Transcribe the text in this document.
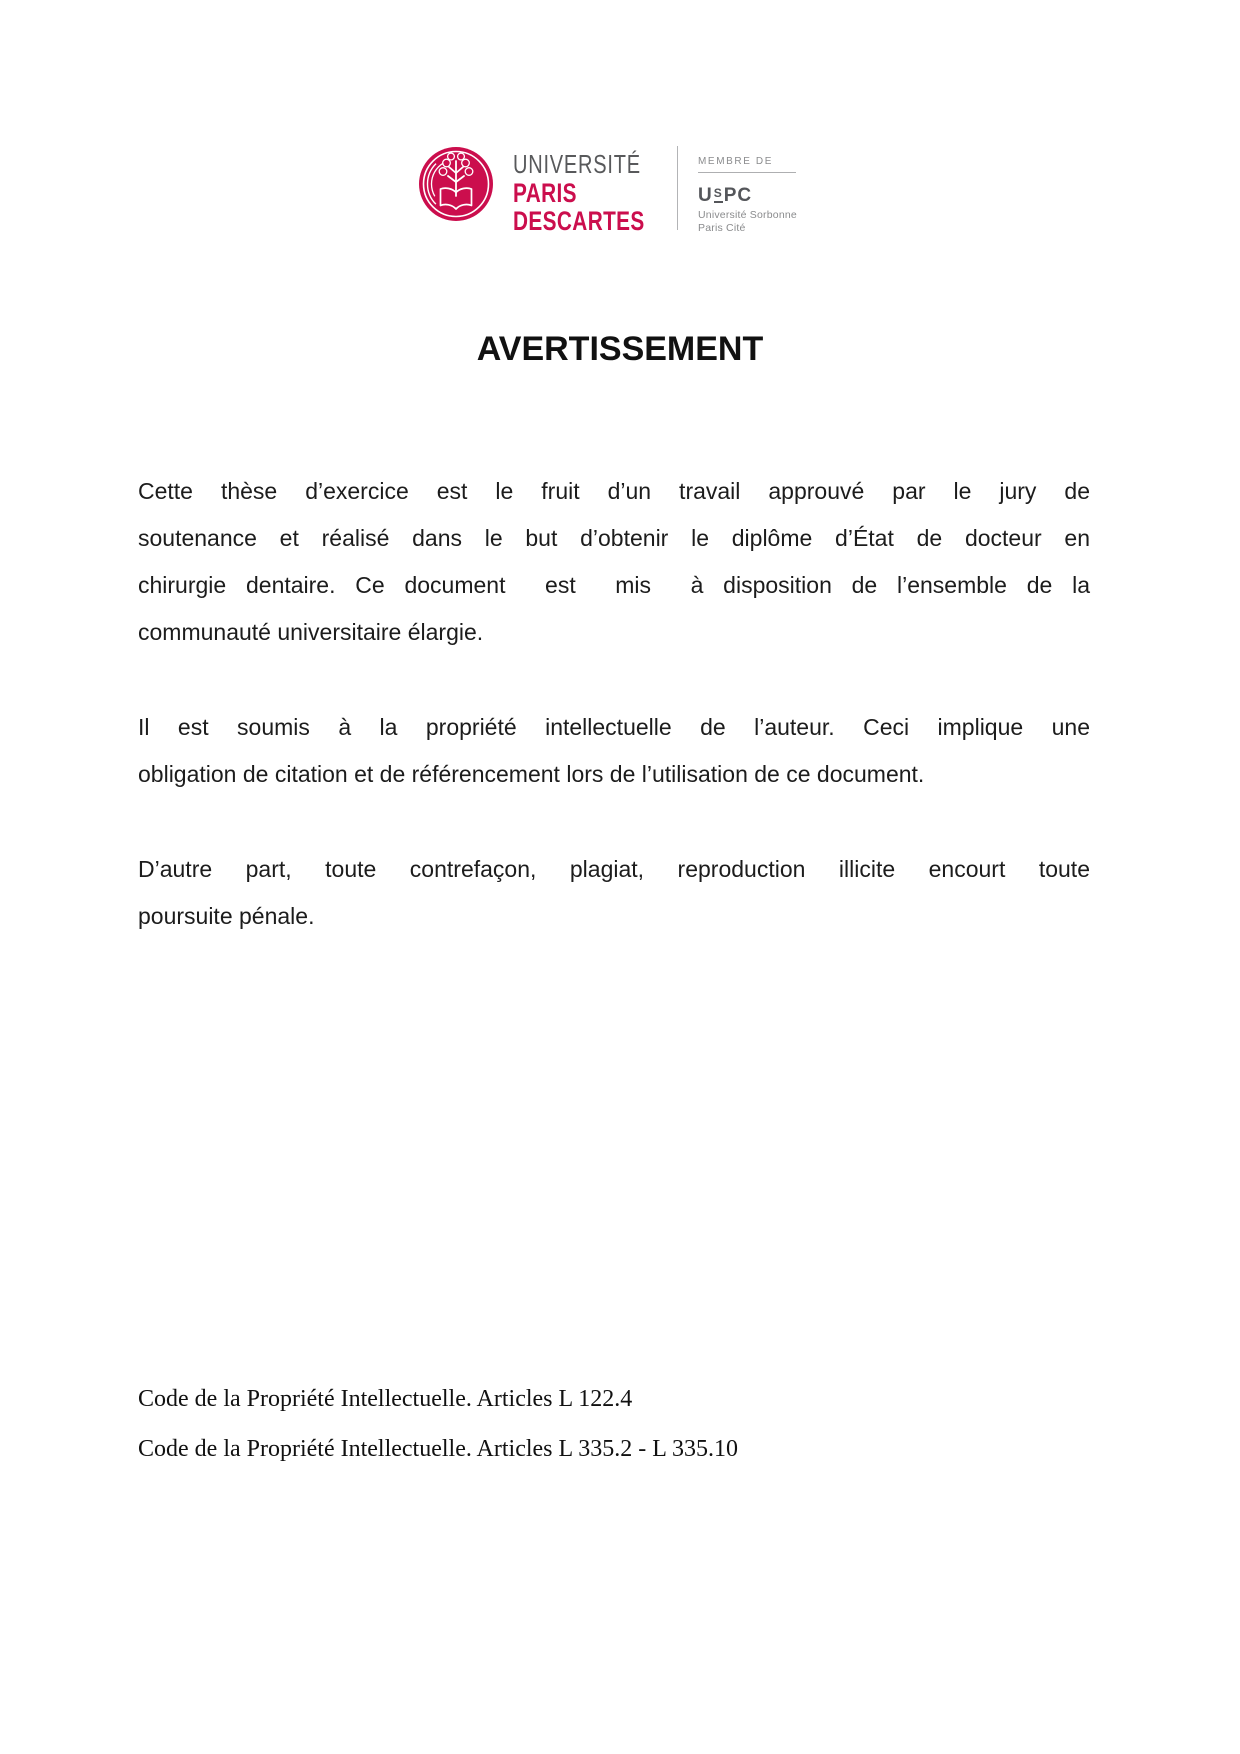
UNIVERSITÉ
PARIS
DESCARTES
MEMBRE DE
U S PC
Université Sorbonne
Paris Cité
AVERTISSEMENT
Cette thèse d’exercice est le fruit d’un travail approuvé par le jury de
soutenance et réalisé dans le but d’obtenir le diplôme d’État de docteur en
chirurgie dentaire. Ce document  est  mis  à disposition de l’ensemble de la
communauté universitaire élargie.
Il est soumis à la propriété intellectuelle de l’auteur. Ceci implique une
obligation de citation et de référencement lors de l’utilisation de ce document.
D’autre part, toute contrefaçon, plagiat, reproduction illicite encourt toute
poursuite pénale.
Code de la Propriété Intellectuelle. Articles L 122.4
Code de la Propriété Intellectuelle. Articles L 335.2 - L 335.10
